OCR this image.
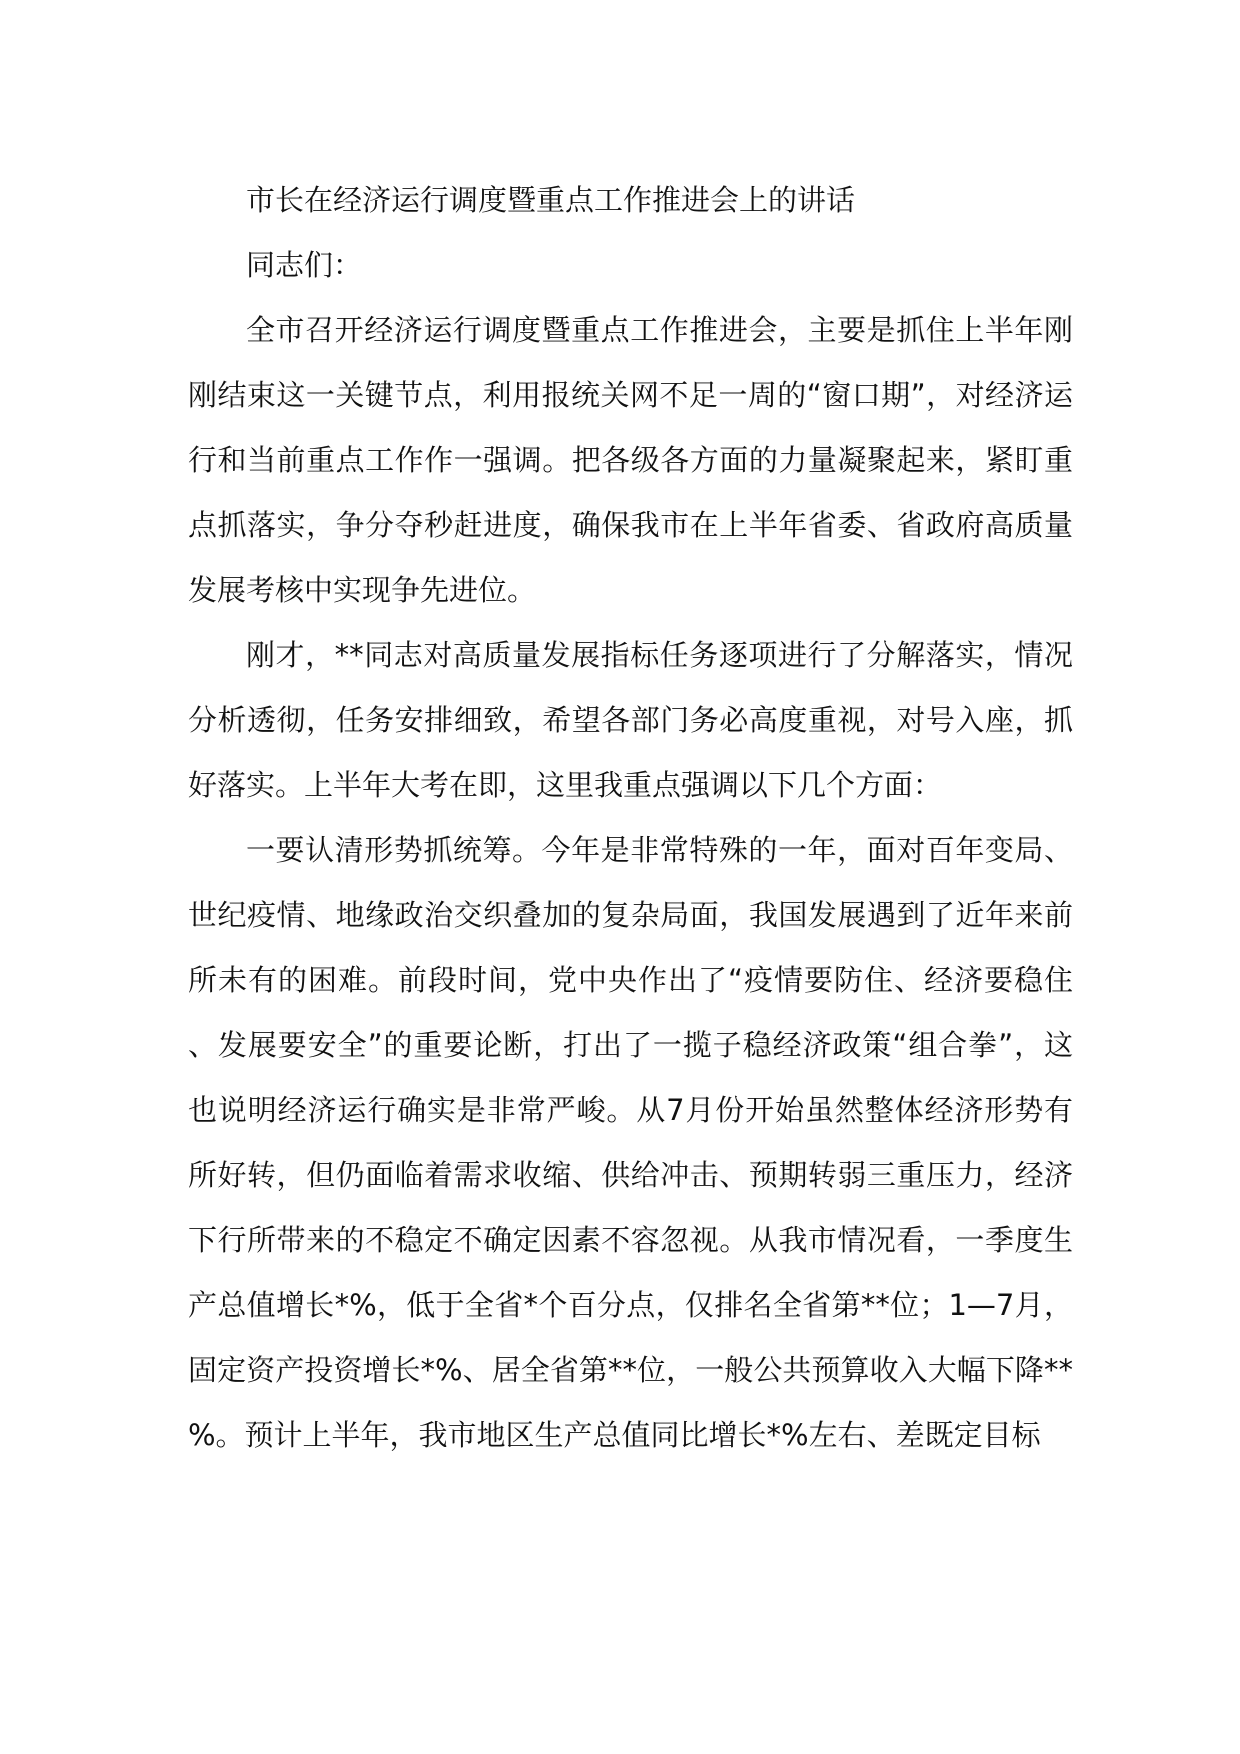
市长在经济运行调度暨重点工作推进会上的讲话

同志们：

全市召开经济运行调度暨重点工作推进会，主要是抓住上半年刚刚结束这一关键节点，利用报统关网不足一周的“窗口期”，对经济运行和当前重点工作作一强调。把各级各方面的力量凝聚起来，紧盯重点抓落实，争分夺秒赶进度，确保我市在上半年省委、省政府高质量发展考核中实现争先进位。

刚才，**同志对高质量发展指标任务逐项进行了分解落实，情况分析透彻，任务安排细致，希望各部门务必高度重视，对号入座，抓好落实。上半年大考在即，这里我重点强调以下几个方面：

一要认清形势抓统筹。今年是非常特殊的一年，面对百年变局、世纪疫情、地缘政治交织叠加的复杂局面，我国发展遇到了近年来前所未有的困难。前段时间，党中央作出了“疫情要防住、经济要稳住、发展要安全”的重要论断，打出了一揽子稳经济政策“组合拳”，这也说明经济运行确实是非常严峻。从7月份开始虽然整体经济形势有所好转，但仍面临着需求收缩、供给冲击、预期转弱三重压力，经济下行所带来的不稳定不确定因素不容忽视。从我市情况看，一季度生产总值增长*%，低于全省*个百分点，仅排名全省第**位；1—7月，固定资产投资增长*%、居全省第**位，一般公共预算收入大幅下降**%。预计上半年，我市地区生产总值同比增长*%左右、差既定目标
